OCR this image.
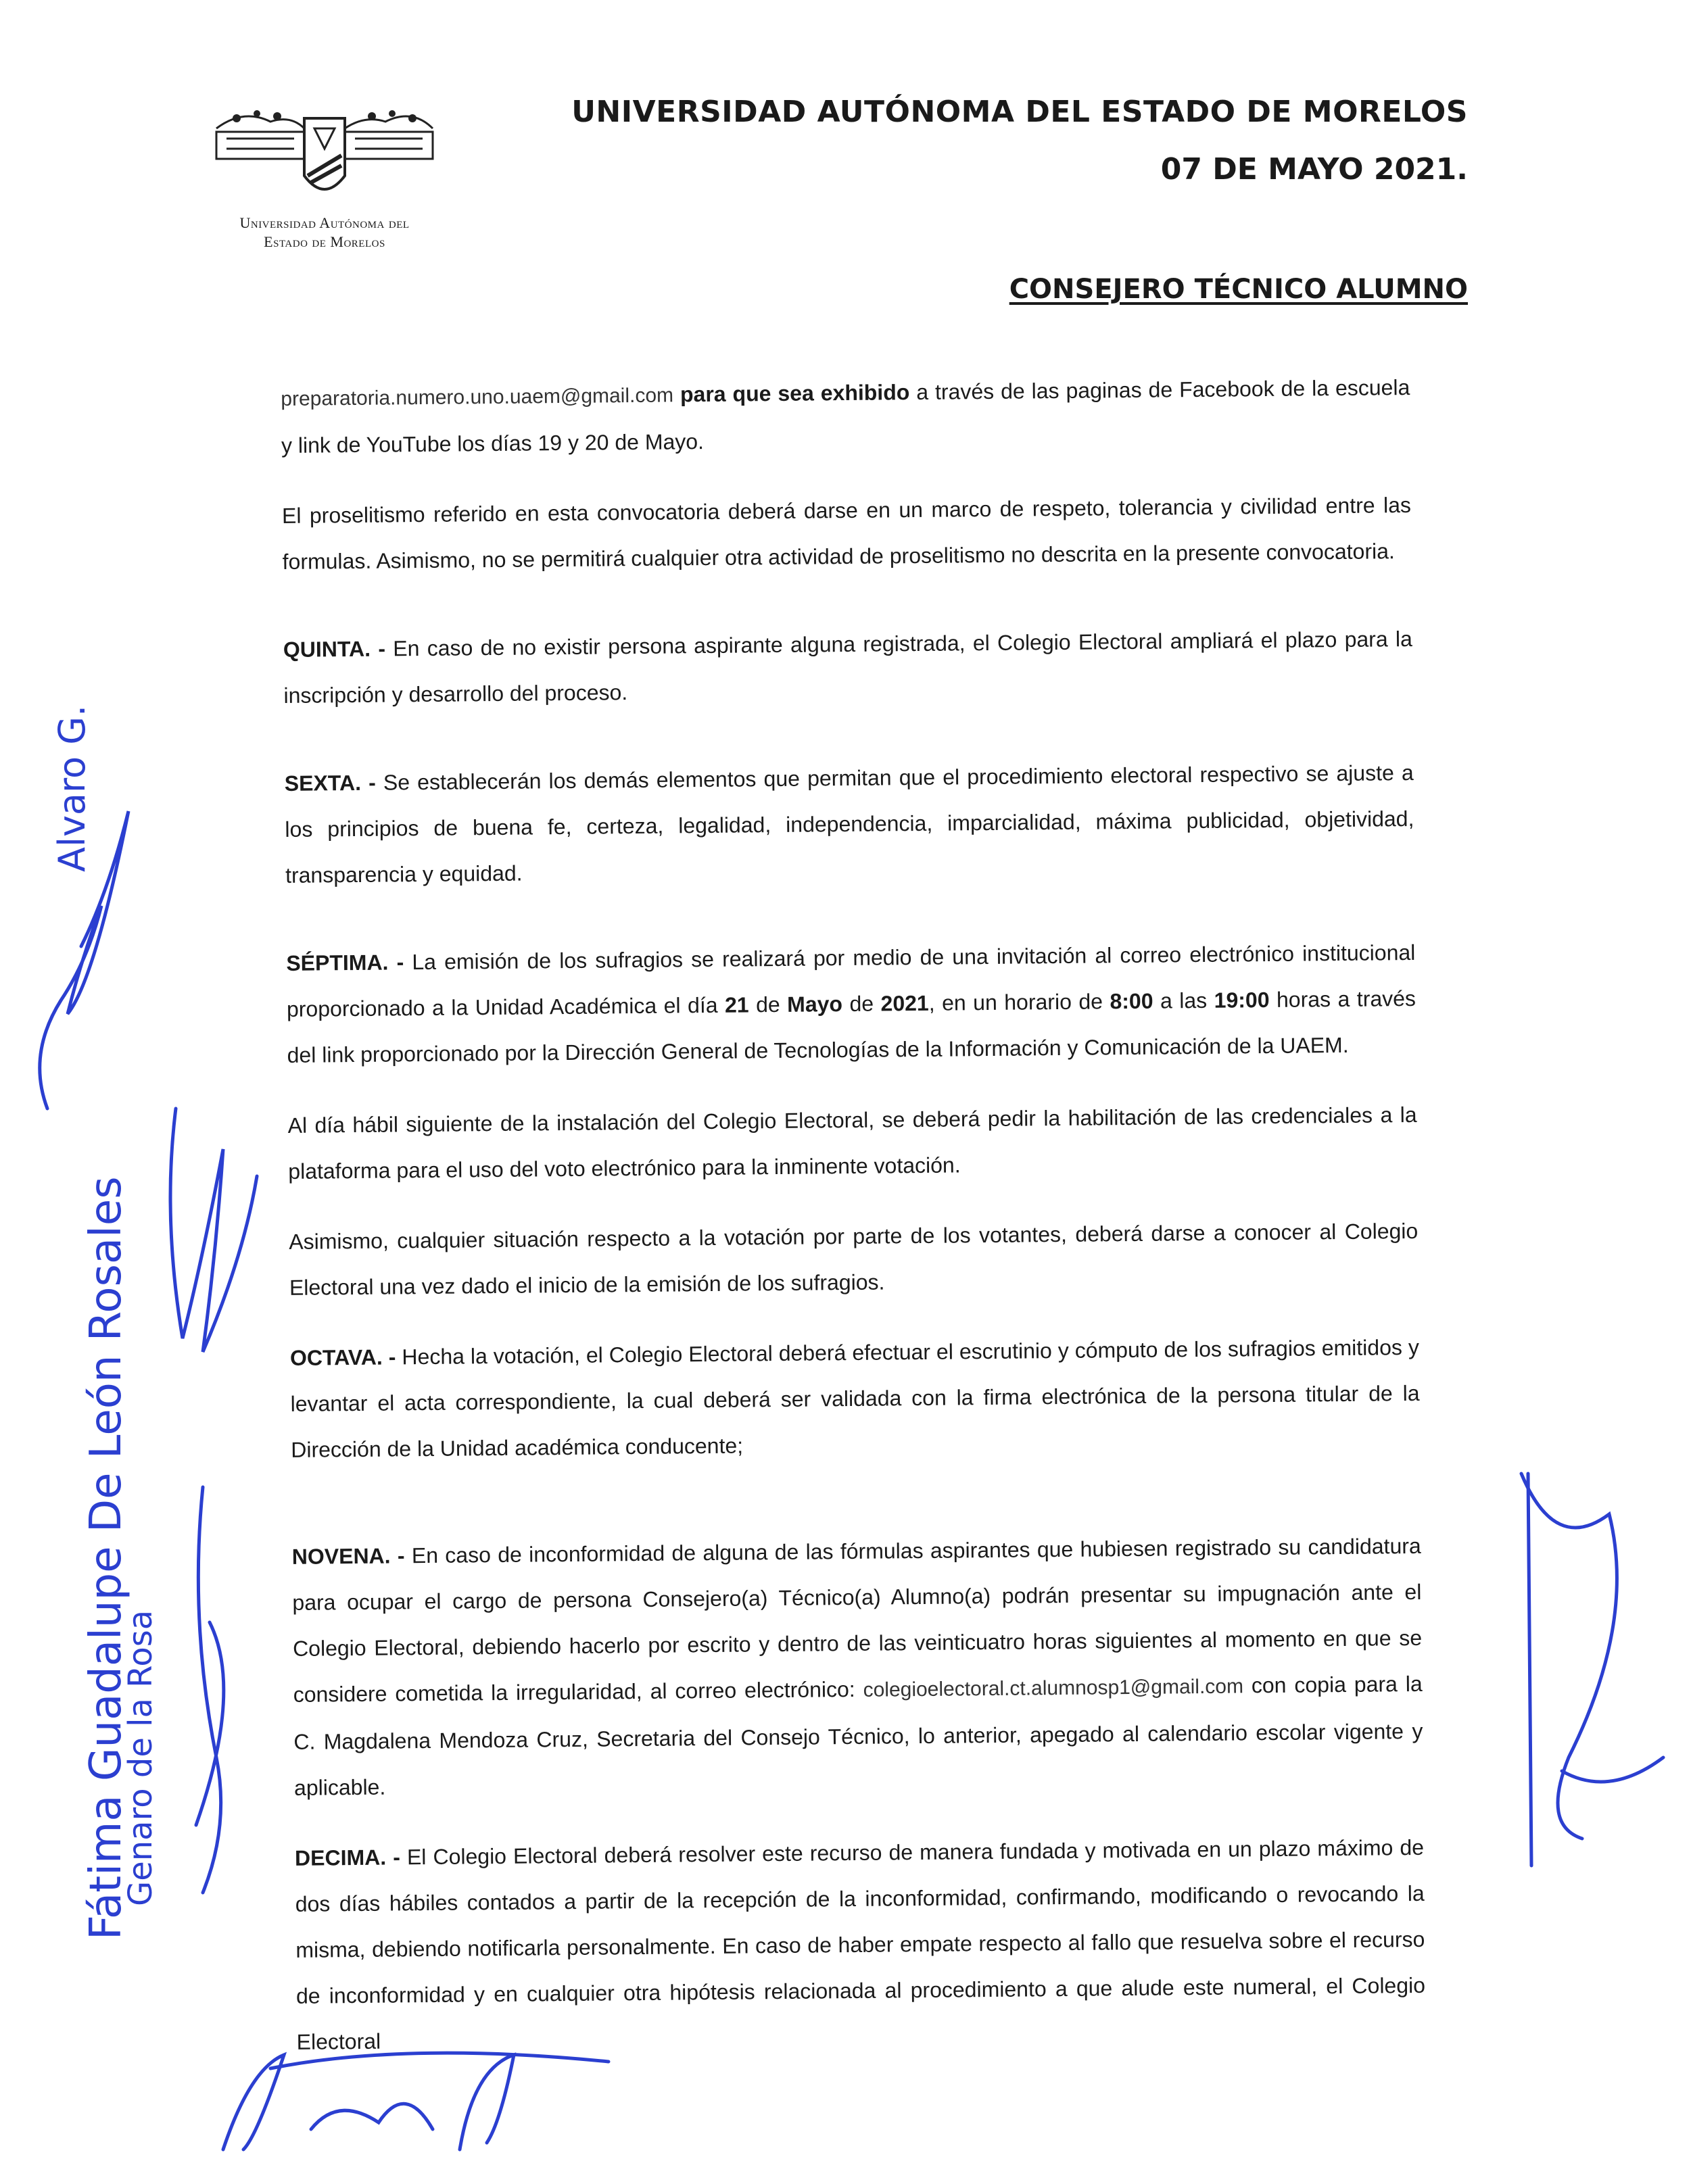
Universidad Autónoma del
Estado de Morelos
UNIVERSIDAD AUTÓNOMA DEL ESTADO DE MORELOS
07 DE MAYO 2021.
CONSEJERO TÉCNICO ALUMNO

preparatoria.numero.uno.uaem@gmail.com para que sea exhibido a través de las paginas de Facebook de la escuela y link de YouTube los días 19 y 20 de Mayo.

El proselitismo referido en esta convocatoria deberá darse en un marco de respeto, tolerancia y civilidad entre las formulas. Asimismo, no se permitirá cualquier otra actividad de proselitismo no descrita en la presente convocatoria.

QUINTA. - En caso de no existir persona aspirante alguna registrada, el Colegio Electoral ampliará el plazo para la inscripción y desarrollo del proceso.

SEXTA. - Se establecerán los demás elementos que permitan que el procedimiento electoral respectivo se ajuste a los principios de buena fe, certeza, legalidad, independencia, imparcialidad, máxima publicidad, objetividad, transparencia y equidad.

SÉPTIMA. - La emisión de los sufragios se realizará por medio de una invitación al correo electrónico institucional proporcionado a la Unidad Académica el día 21 de Mayo de 2021, en un horario de 8:00 a las 19:00 horas a través del link proporcionado por la Dirección General de Tecnologías de la Información y Comunicación de la UAEM.

Al día hábil siguiente de la instalación del Colegio Electoral, se deberá pedir la habilitación de las credenciales a la plataforma para el uso del voto electrónico para la inminente votación.

Asimismo, cualquier situación respecto a la votación por parte de los votantes, deberá darse a conocer al Colegio Electoral una vez dado el inicio de la emisión de los sufragios.

OCTAVA. - Hecha la votación, el Colegio Electoral deberá efectuar el escrutinio y cómputo de los sufragios emitidos y levantar el acta correspondiente, la cual deberá ser validada con la firma electrónica de la persona titular de la Dirección de la Unidad académica conducente;

NOVENA. - En caso de inconformidad de alguna de las fórmulas aspirantes que hubiesen registrado su candidatura para ocupar el cargo de persona Consejero(a) Técnico(a) Alumno(a) podrán presentar su impugnación ante el Colegio Electoral, debiendo hacerlo por escrito y dentro de las veinticuatro horas siguientes al momento en que se considere cometida la irregularidad, al correo electrónico: colegioelectoral.ct.alumnosp1@gmail.com con copia para la C. Magdalena Mendoza Cruz, Secretaria del Consejo Técnico, lo anterior, apegado al calendario escolar vigente y aplicable.

DECIMA. - El Colegio Electoral deberá resolver este recurso de manera fundada y motivada en un plazo máximo de dos días hábiles contados a partir de la recepción de la inconformidad, confirmando, modificando o revocando la misma, debiendo notificarla personalmente. En caso de haber empate respecto al fallo que resuelva sobre el recurso de inconformidad y en cualquier otra hipótesis relacionada al procedimiento a que alude este numeral, el Colegio Electoral

Fátima Guadalupe De León Rosales
Genaro de la Rosa
Alvaro G.
